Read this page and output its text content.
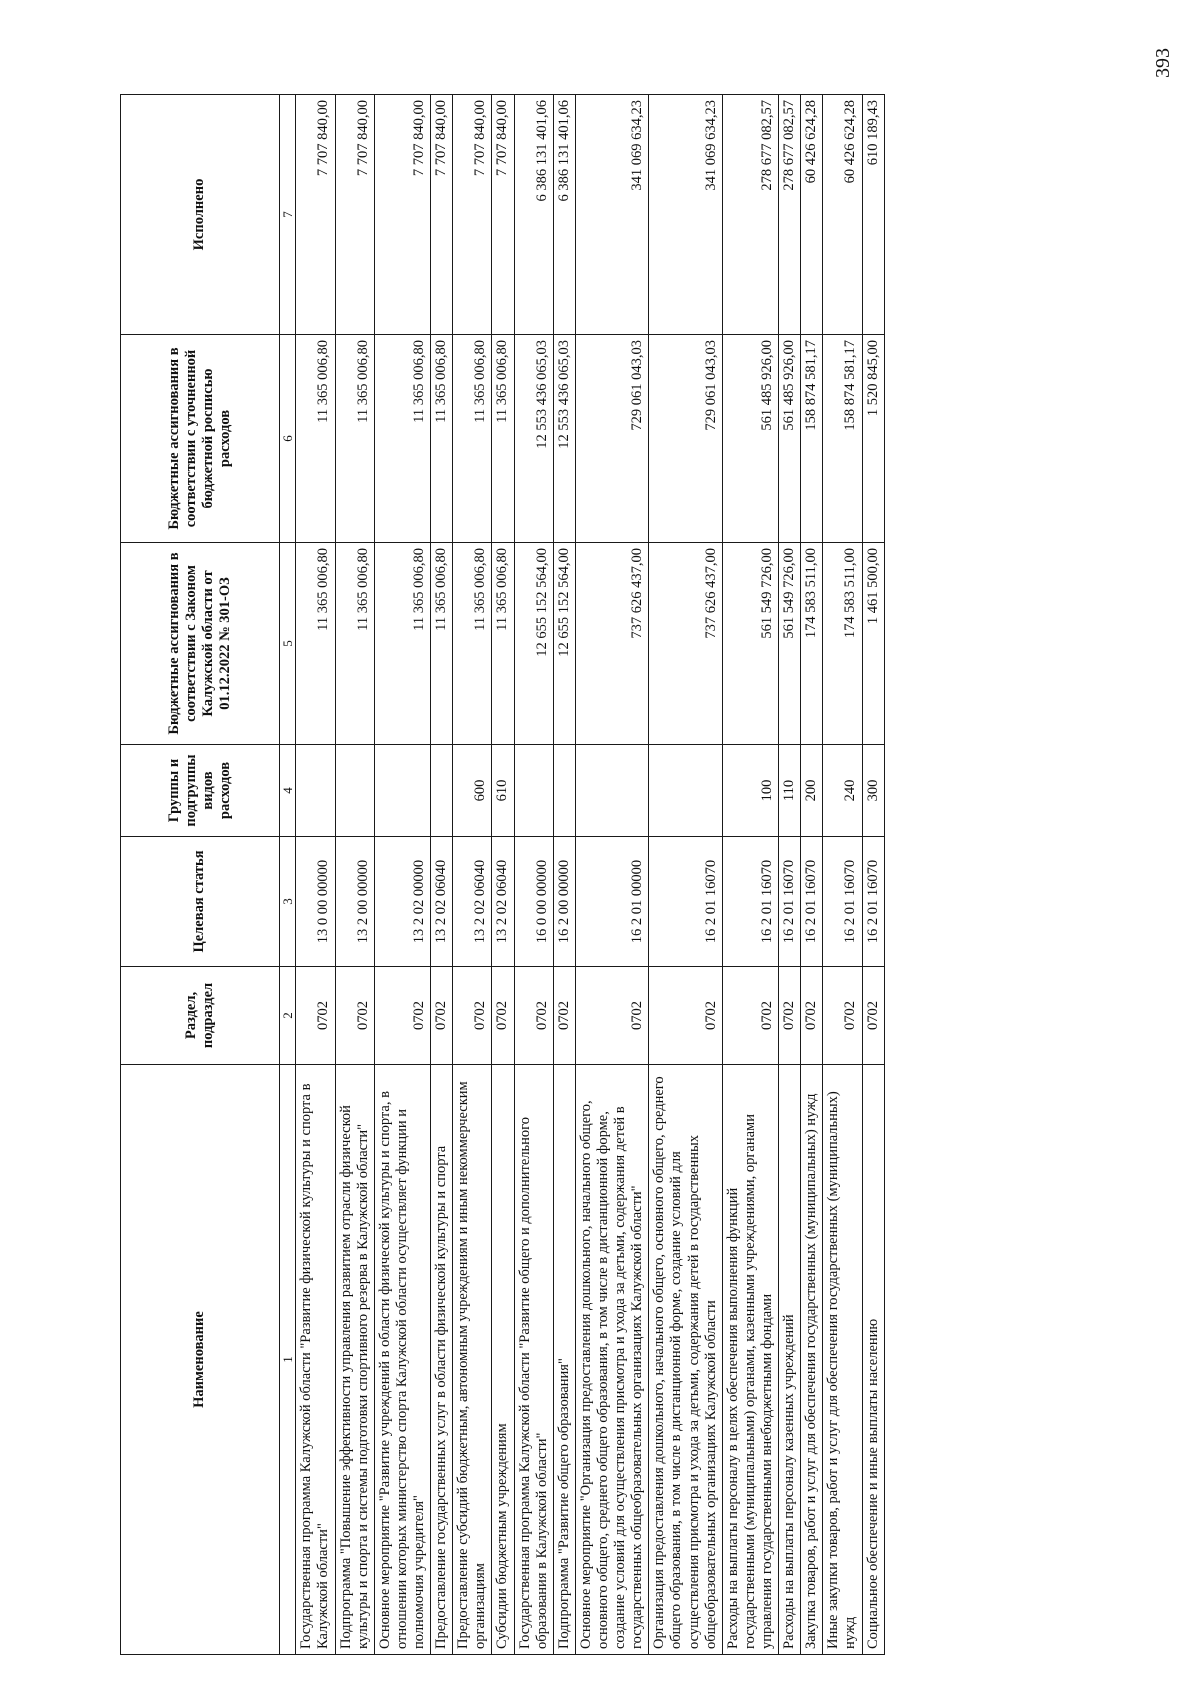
Наименование	Раздел, подраздел	Целевая статья	Группы и подгруппы видов расходов	Бюджетные ассигнования в соответствии с Законом Калужской области от 01.12.2022 № 301-ОЗ	Бюджетные ассигнования в соответствии с уточненной бюджетной росписью расходов	Исполнено
1	2	3	4	5	6	7
Государственная программа Калужской области "Развитие физической культуры и спорта в Калужской области"	0702	13 0 00 00000		11 365 006,80	11 365 006,80	7 707 840,00
Подпрограмма "Повышение эффективности управления развитием отрасли физической культуры и спорта и системы подготовки спортивного резерва в Калужской области"	0702	13 2 00 00000		11 365 006,80	11 365 006,80	7 707 840,00
Основное мероприятие "Развитие учреждений в области физической культуры и спорта, в отношении которых министерство спорта Калужской области осуществляет функции и полномочия учредителя"	0702	13 2 02 00000		11 365 006,80	11 365 006,80	7 707 840,00
Предоставление государственных услуг в области физической культуры и спорта	0702	13 2 02 06040		11 365 006,80	11 365 006,80	7 707 840,00
Предоставление субсидий бюджетным, автономным учреждениям и иным некоммерческим организациям	0702	13 2 02 06040	600	11 365 006,80	11 365 006,80	7 707 840,00
Субсидии бюджетным учреждениям	0702	13 2 02 06040	610	11 365 006,80	11 365 006,80	7 707 840,00
Государственная программа Калужской области "Развитие общего и дополнительного образования в Калужской области"	0702	16 0 00 00000		12 655 152 564,00	12 553 436 065,03	6 386 131 401,06
Подпрограмма "Развитие общего образования"	0702	16 2 00 00000		12 655 152 564,00	12 553 436 065,03	6 386 131 401,06
Основное мероприятие "Организация предоставления дошкольного, начального общего, основного общего, среднего общего образования, в том числе в дистанционной форме, создание условий для осуществления присмотра и ухода за детьми, содержания детей в государственных общеобразовательных организациях Калужской области"	0702	16 2 01 00000		737 626 437,00	729 061 043,03	341 069 634,23
Организация предоставления дошкольного, начального общего, основного общего, среднего общего образования, в том числе в дистанционной форме, создание условий для осуществления присмотра и ухода за детьми, содержания детей в государственных общеобразовательных организациях Калужской области	0702	16 2 01 16070		737 626 437,00	729 061 043,03	341 069 634,23
Расходы на выплаты персоналу в целях обеспечения выполнения функций государственными (муниципальными) органами, казенными учреждениями, органами управления государственными внебюджетными фондами	0702	16 2 01 16070	100	561 549 726,00	561 485 926,00	278 677 082,57
Расходы на выплаты персоналу казенных учреждений	0702	16 2 01 16070	110	561 549 726,00	561 485 926,00	278 677 082,57
Закупка товаров, работ и услуг для обеспечения государственных (муниципальных) нужд	0702	16 2 01 16070	200	174 583 511,00	158 874 581,17	60 426 624,28
Иные закупки товаров, работ и услуг для обеспечения государственных (муниципальных) нужд	0702	16 2 01 16070	240	174 583 511,00	158 874 581,17	60 426 624,28
Социальное обеспечение и иные выплаты населению	0702	16 2 01 16070	300	1 461 500,00	1 520 845,00	610 189,43
393
